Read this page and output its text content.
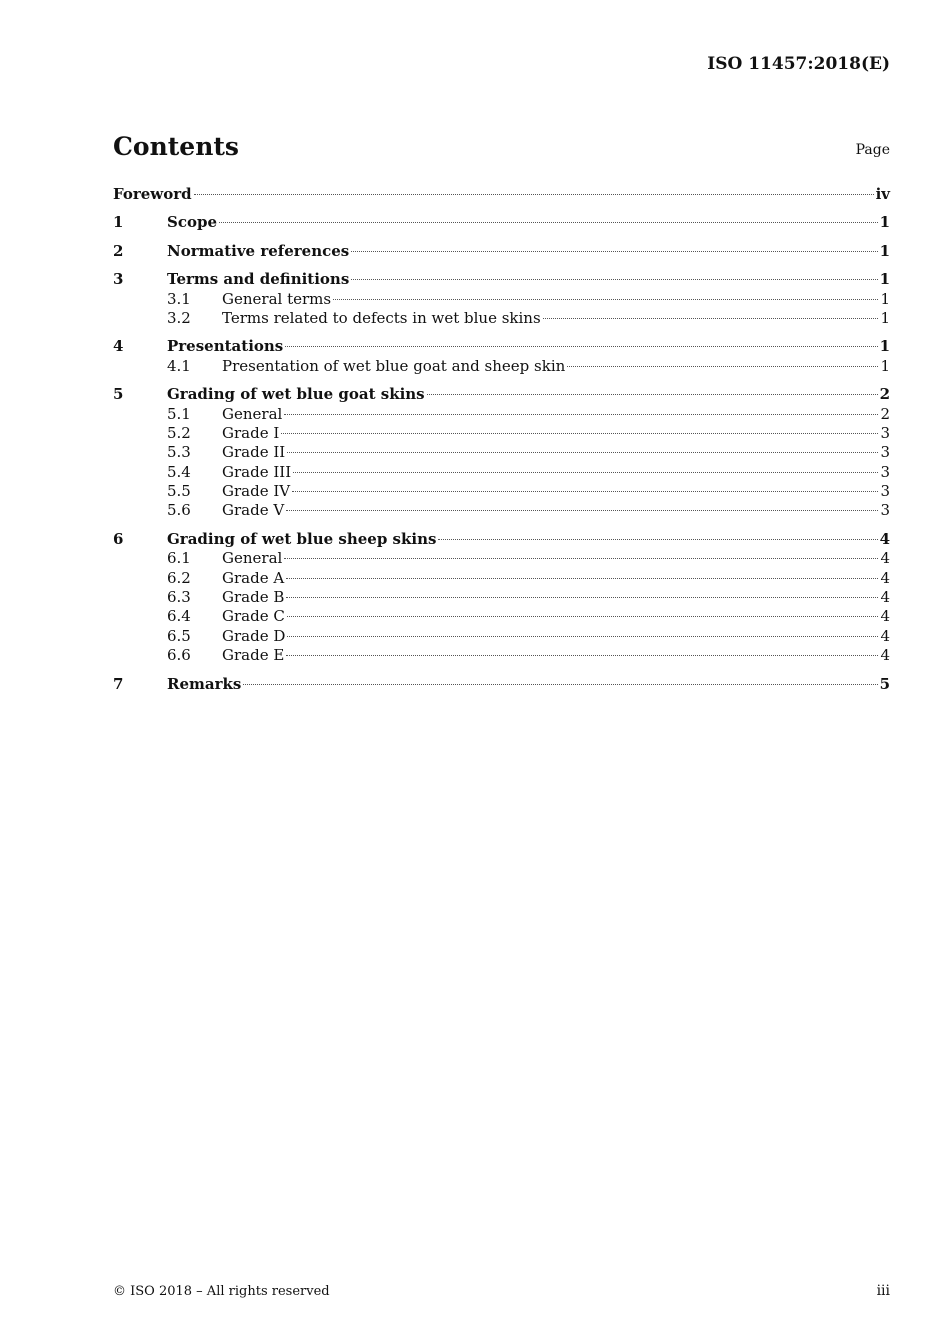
ISO 11457:2018(E)
Contents	Page
Foreword	iv
1	Scope	1
2	Normative references	1
3	Terms and definitions	1
3.1	General terms	1
3.2	Terms related to defects in wet blue skins	1
4	Presentations	1
4.1	Presentation of wet blue goat and sheep skin	1
5	Grading of wet blue goat skins	2
5.1	General	2
5.2	Grade I	3
5.3	Grade II	3
5.4	Grade III	3
5.5	Grade IV	3
5.6	Grade V	3
6	Grading of wet blue sheep skins	4
6.1	General	4
6.2	Grade A	4
6.3	Grade B	4
6.4	Grade C	4
6.5	Grade D	4
6.6	Grade E	4
7	Remarks	5
© ISO 2018 – All rights reserved	iii
